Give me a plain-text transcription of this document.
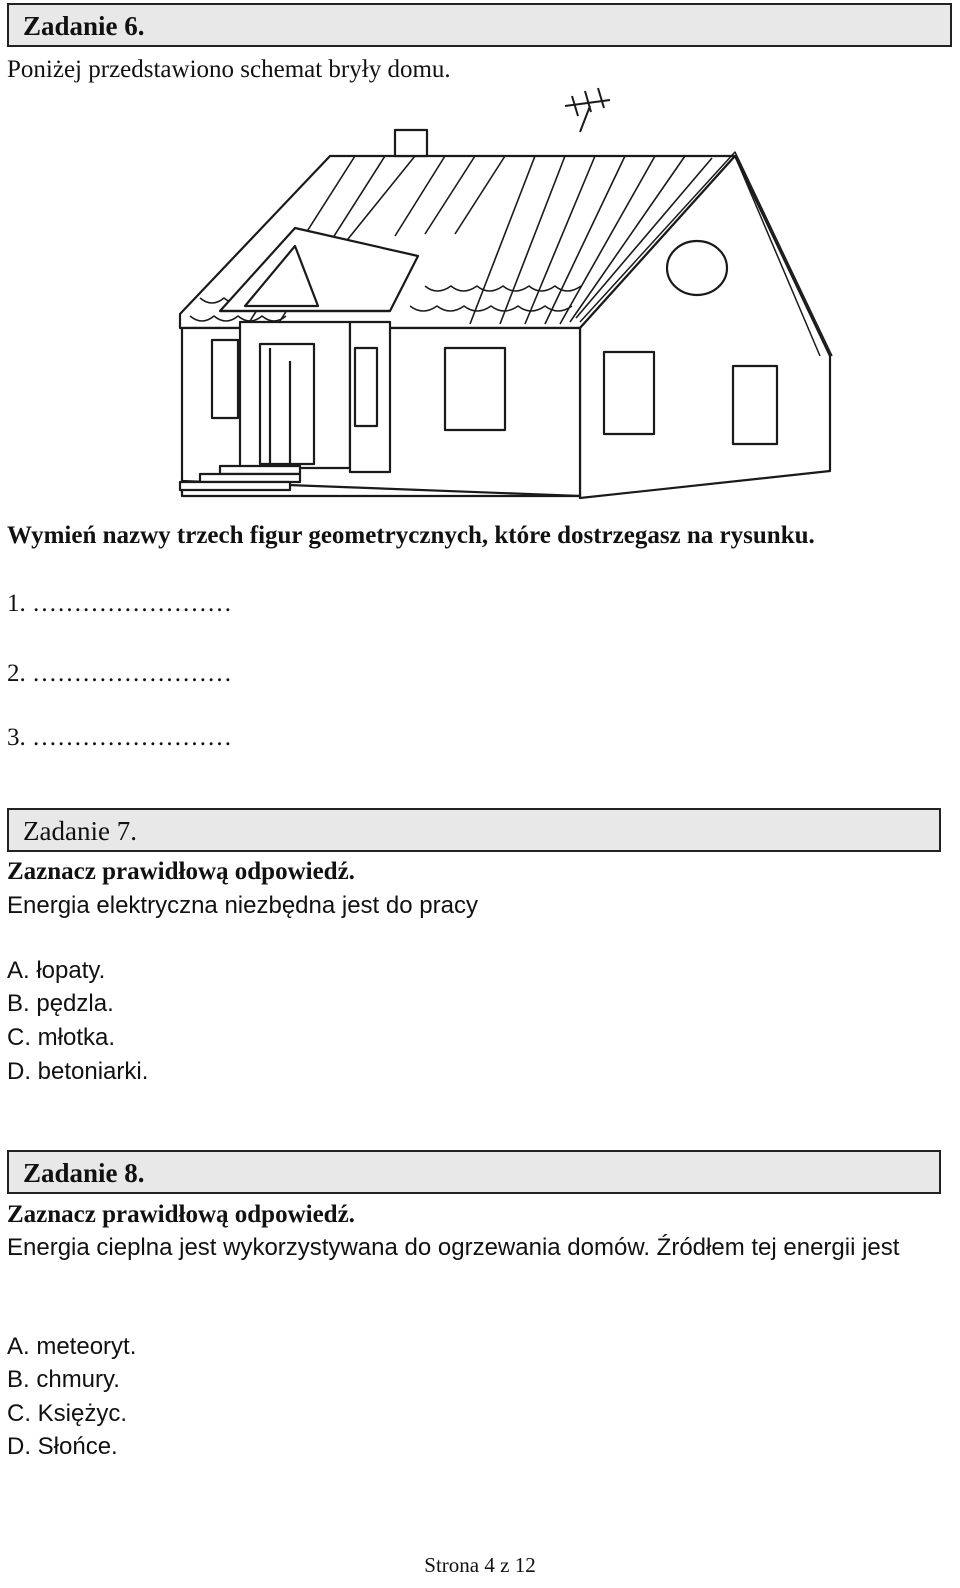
Zadanie 6.
Poniżej przedstawiono schemat bryły domu.
Wymień nazwy trzech figur geometrycznych, które dostrzegasz na rysunku.
1. ……………………
2. ……………………
3. ……………………
Zadanie 7.
Zaznacz prawidłową odpowiedź.
Energia elektryczna niezbędna jest do pracy
A. łopaty.
B. pędzla.
C. młotka.
D. betoniarki.
Zadanie 8.
Zaznacz prawidłową odpowiedź.
Energia cieplna jest wykorzystywana do ogrzewania domów. Źródłem tej energii jest
A. meteoryt.
B. chmury.
C. Księżyc.
D. Słońce.
Strona 4 z 12
